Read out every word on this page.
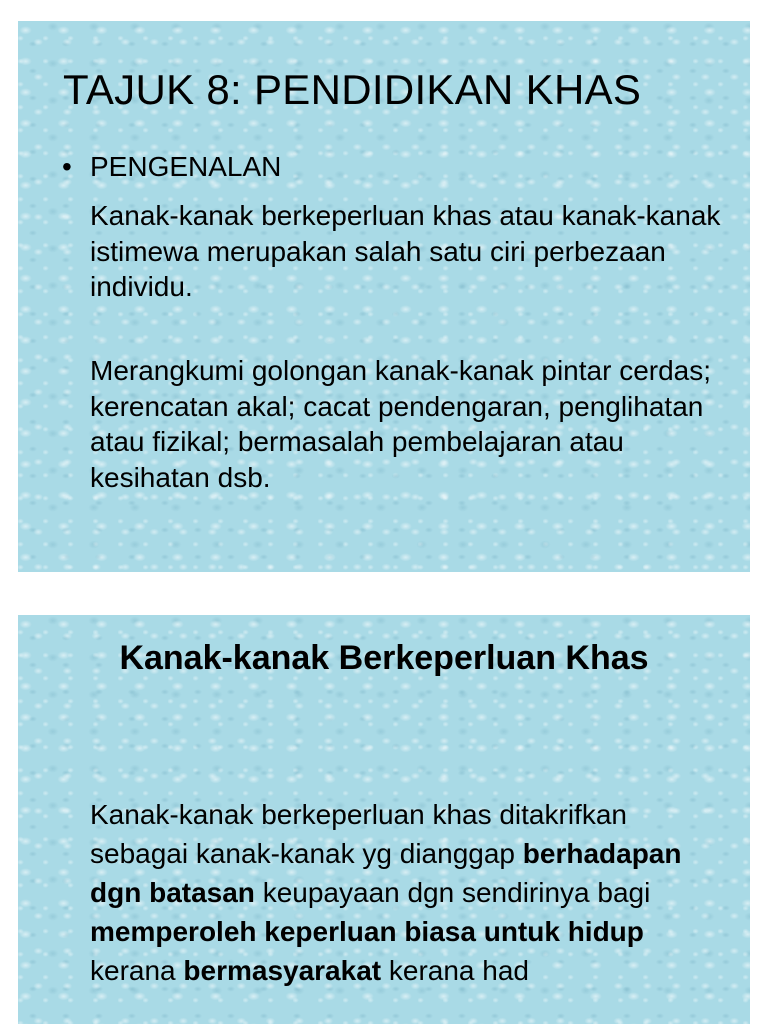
TAJUK 8: PENDIDIKAN KHAS
• PENGENALAN

Kanak-kanak berkeperluan khas atau kanak-kanak istimewa merupakan salah satu ciri perbezaan individu.

Merangkumi golongan kanak-kanak pintar cerdas; kerencatan akal; cacat pendengaran, penglihatan atau fizikal; bermasalah pembelajaran atau kesihatan dsb.

Kanak-kanak Berkeperluan Khas

Kanak-kanak berkeperluan khas ditakrifkan sebagai kanak-kanak yg dianggap berhadapan dgn batasan keupayaan dgn sendirinya bagi memperoleh keperluan biasa untuk hidup kerana bermasyarakat kerana had
